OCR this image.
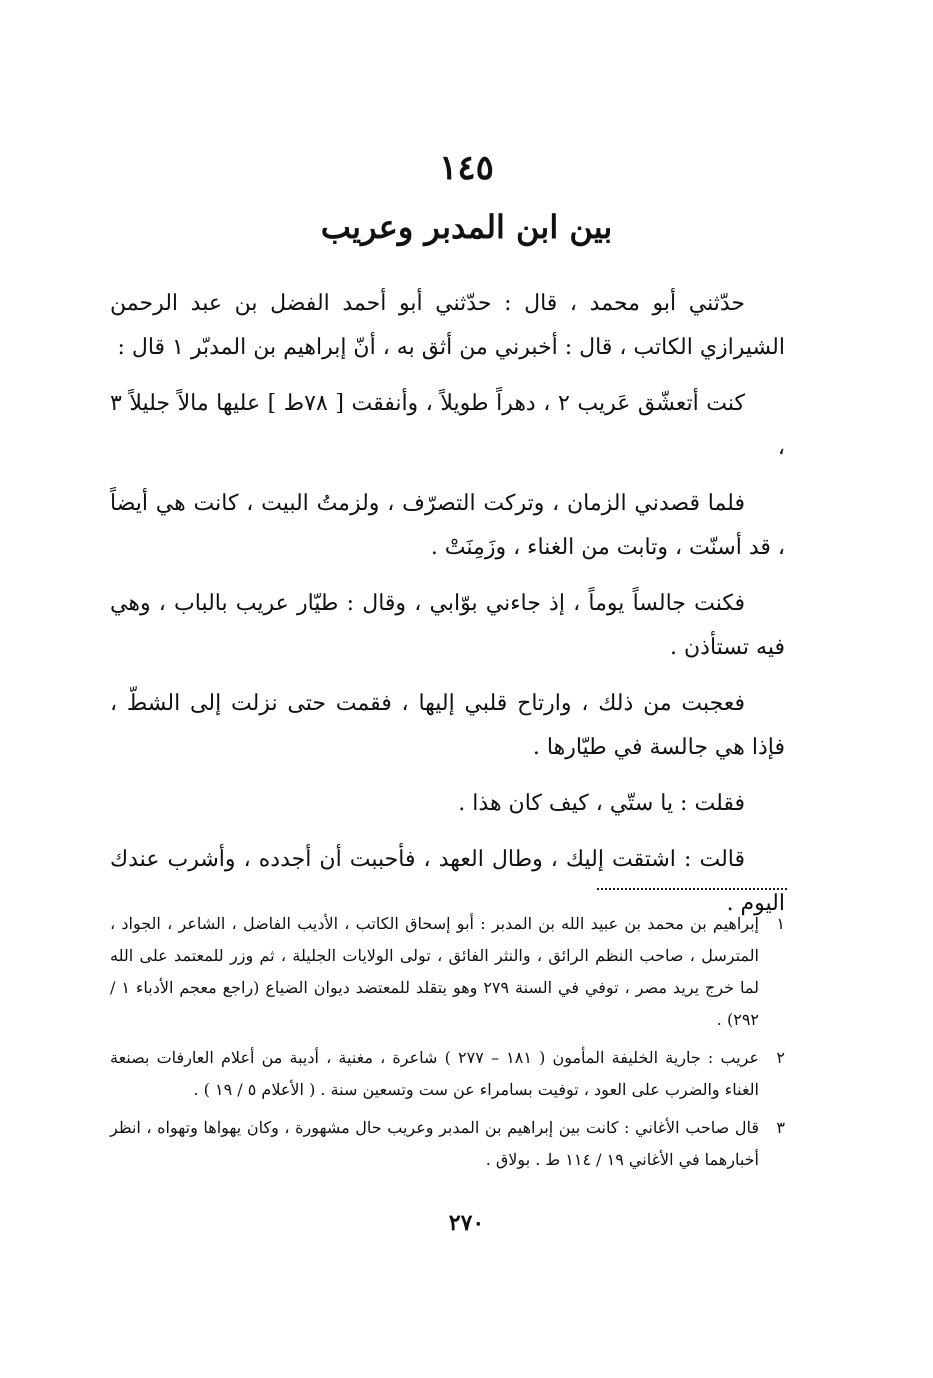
١٤٥
بين ابن المدبر وعريب

حدّثني أبو محمد ، قال : حدّثني أبو أحمد الفضل بن عبد الرحمن الشيرازي الكاتب ، قال : أخبرني من أثق به ، أنّ إبراهيم بن المدبّر ١ قال :

كنت أتعشّق عَريب ٢ ، دهراً طويلاً ، وأنفقت [ ٧٨ط ] عليها مالاً جليلاً ٣ ،

فلما قصدني الزمان ، وتركت التصرّف ، ولزمتُ البيت ، كانت هي أيضاً ، قد أسنّت ، وتابت من الغناء ، وزَمِنَتْ .

فكنت جالساً يوماً ، إذ جاءني بوّابي ، وقال : طيّار عريب بالباب ، وهي فيه تستأذن .

فعجبت من ذلك ، وارتاح قلبي إليها ، فقمت حتى نزلت إلى الشطّ ، فإذا هي جالسة في طيّارها .

فقلت : يا ستّي ، كيف كان هذا .

قالت : اشتقت إليك ، وطال العهد ، فأحببت أن أجدده ، وأشرب عندك اليوم .

١
إبراهيم بن محمد بن عبيد الله بن المدبر : أبو إسحاق الكاتب ، الأديب الفاضل ، الشاعر ، الجواد ، المترسل ، صاحب النظم الرائق ، والنثر الفائق ، تولى الولايات الجليلة ، ثم وزر للمعتمد على الله لما خرج يريد مصر ، توفي في السنة ٢٧٩ وهو يتقلد للمعتضد ديوان الضياع (راجع معجم الأدباء ١ / ٢٩٢) .
٢
عريب : جارية الخليفة المأمون ( ١٨١ – ٢٧٧ ) شاعرة ، مغنية ، أديبة من أعلام العارفات بصنعة الغناء والضرب على العود ، توفيت بسامراء عن ست وتسعين سنة . ( الأعلام ٥ / ١٩ ) .
٣
قال صاحب الأغاني : كانت بين إبراهيم بن المدبر وعريب حال مشهورة ، وكان يهواها وتهواه ، انظر أخبارهما في الأغاني ١٩ / ١١٤ ط . بولاق .
٢٧٠
